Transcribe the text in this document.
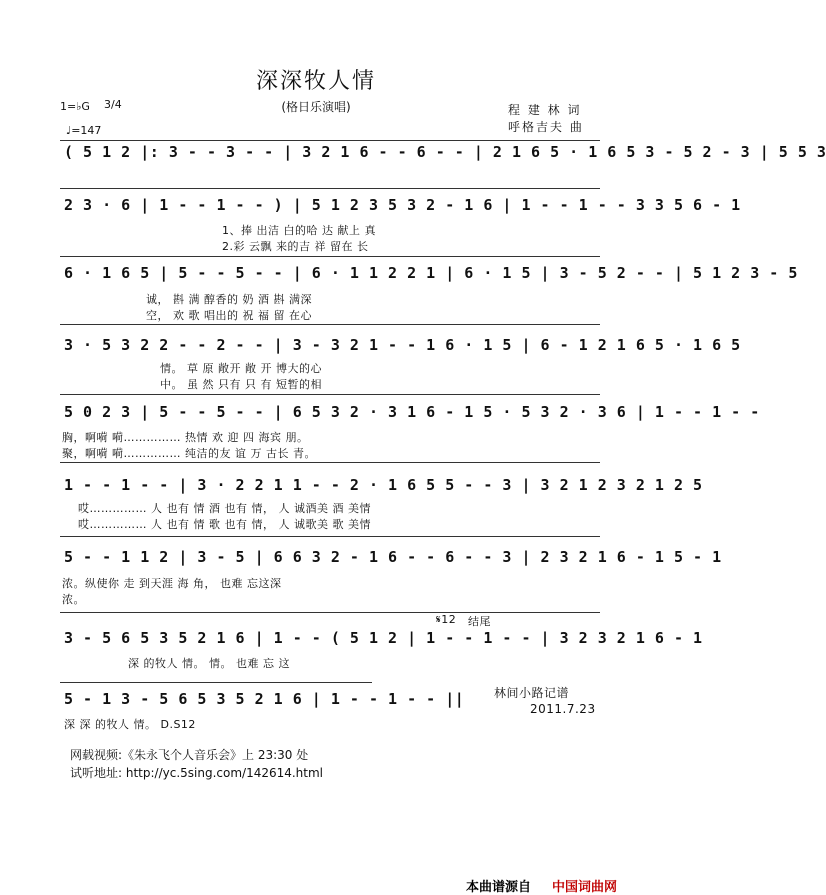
深深牧人情
(格日乐演唱)
1=♭G 3/4
♩=147
程 建 林 词
呼格吉夫 曲
( 5 1 2 |: 3 - - 3 - - | 3 2 1 6 - - 6 - - | 2 1 6 5 · 1 6 5 3 - 5 2 - 3 | 5 5 3
2 3 · 6 | 1 - - 1 - - ) | 5 1 2 3 5 3 2 - 1 6 | 1 - - 1 - - 3 3 5 6 - 1
1、捧 出洁 白的哈 达 献上 真
2.彩 云飘 来的吉 祥 留在 长
6 · 1 6 5 | 5 - - 5 - - | 6 · 1 1 2 2 1 | 6 · 1 5 | 3 - 5 2 - - | 5 1 2 3 - 5
诚， 斟 满 醇香的 奶 酒 斟 满深
空， 欢 歌 唱出的 祝 福 留 在心
3 · 5 3 2 2 - - 2 - - | 3 - 3 2 1 - - 1 6 · 1 5 | 6 - 1 2 1 6 5 · 1 6 5
情。 草 原 敞开 敞 开 博大的心
中。 虽 然 只有 只 有 短暂的相
5 0 2 3 | 5 - - 5 - - | 6 5 3 2 · 3 1 6 - 1 5 · 5 3 2 · 3 6 | 1 - - 1 - -
胸，啊嗬 嗬…………… 热情 欢 迎 四 海宾 朋。
聚，啊嗬 嗬…………… 纯洁的友 谊 万 古长 青。
1 - - 1 - - | 3 · 2 2 1 1 - - 2 · 1 6 5 5 - - 3 | 3 2 1 2 3 2 1 2 5
哎…………… 人 也有 情 酒 也有 情， 人 诚酒美 酒 美情
哎…………… 人 也有 情 歌 也有 情， 人 诚歌美 歌 美情
5 - - 1 1 2 | 3 - 5 | 6 6 3 2 - 1 6 - - 6 - - 3 | 2 3 2 1 6 - 1 5 - 1
浓。纵使你 走 到天涯 海 角， 也难 忘这深
浓。
𝄋12 结尾
3 - 5 6 5 3 5 2 1 6 | 1 - - ( 5 1 2 | 1 - - 1 - - | 3 2 3 2 1 6 - 1
深 的牧人 情。 情。 也难 忘 这
5 - 1 3 - 5 6 5 3 5 2 1 6 | 1 - - 1 - - ||
深 深 的牧人 情。 D.S12
林间小路记谱
2011.7.23
网载视频:《朱永飞个人音乐会》上 23:30 处
试听地址: http://yc.5sing.com/142614.html
本曲谱源自 中国词曲网
